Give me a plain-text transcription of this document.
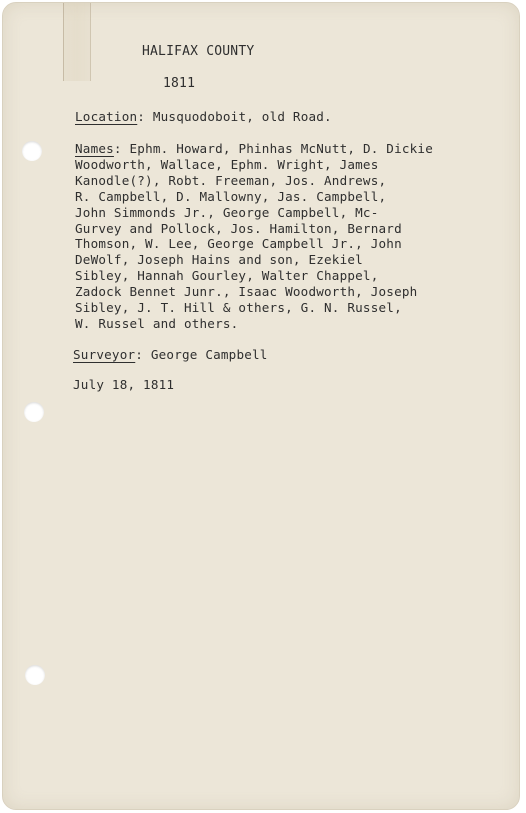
HALIFAX COUNTY
1811
Location: Musquodoboit, old Road.
Names: Ephm. Howard, Phinhas McNutt, D. Dickie
Woodworth, Wallace, Ephm. Wright, James
Kanodle(?), Robt. Freeman, Jos. Andrews,
R. Campbell, D. Mallowny, Jas. Campbell,
John Simmonds Jr., George Campbell, Mc-
Gurvey and Pollock, Jos. Hamilton, Bernard
Thomson, W. Lee, George Campbell Jr., John
DeWolf, Joseph Hains and son, Ezekiel
Sibley, Hannah Gourley, Walter Chappel,
Zadock Bennet Junr., Isaac Woodworth, Joseph
Sibley, J. T. Hill & others, G. N. Russel,
W. Russel and others.
Surveyor: George Campbell
July 18, 1811
